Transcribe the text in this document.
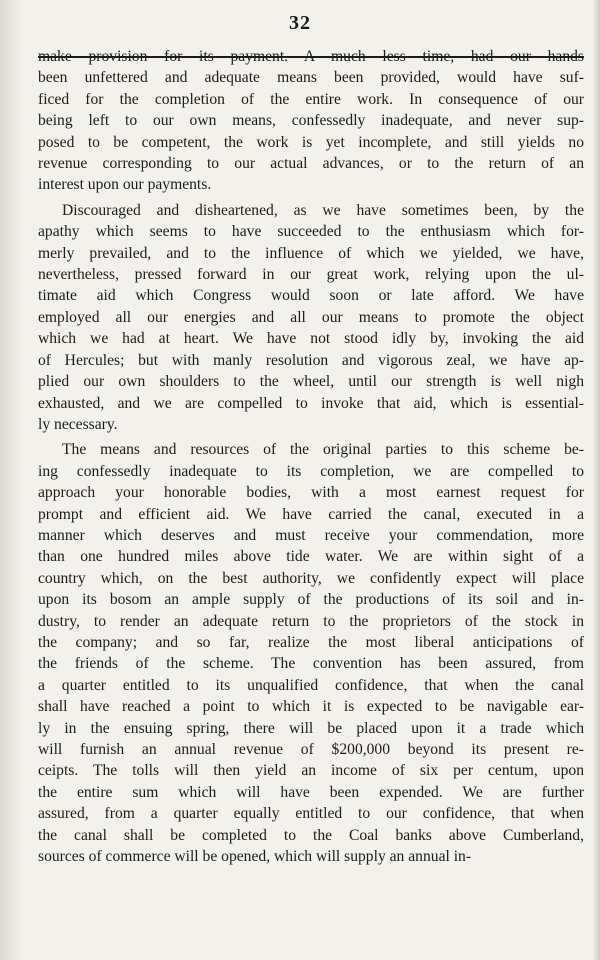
32
make provision for its payment. A much less time, had our hands
been unfettered and adequate means been provided, would have suf-
ficed for the completion of the entire work. In consequence of our
being left to our own means, confessedly inadequate, and never sup-
posed to be competent, the work is yet incomplete, and still yields no
revenue corresponding to our actual advances, or to the return of an
interest upon our payments.
Discouraged and disheartened, as we have sometimes been, by the
apathy which seems to have succeeded to the enthusiasm which for-
merly prevailed, and to the influence of which we yielded, we have,
nevertheless, pressed forward in our great work, relying upon the ul-
timate aid which Congress would soon or late afford. We have
employed all our energies and all our means to promote the object
which we had at heart. We have not stood idly by, invoking the aid
of Hercules; but with manly resolution and vigorous zeal, we have ap-
plied our own shoulders to the wheel, until our strength is well nigh
exhausted, and we are compelled to invoke that aid, which is essential-
ly necessary.
The means and resources of the original parties to this scheme be-
ing confessedly inadequate to its completion, we are compelled to
approach your honorable bodies, with a most earnest request for
prompt and efficient aid. We have carried the canal, executed in a
manner which deserves and must receive your commendation, more
than one hundred miles above tide water. We are within sight of a
country which, on the best authority, we confidently expect will place
upon its bosom an ample supply of the productions of its soil and in-
dustry, to render an adequate return to the proprietors of the stock in
the company; and so far, realize the most liberal anticipations of
the friends of the scheme. The convention has been assured, from
a quarter entitled to its unqualified confidence, that when the canal
shall have reached a point to which it is expected to be navigable ear-
ly in the ensuing spring, there will be placed upon it a trade which
will furnish an annual revenue of $200,000 beyond its present re-
ceipts. The tolls will then yield an income of six per centum, upon
the entire sum which will have been expended. We are further
assured, from a quarter equally entitled to our confidence, that when
the canal shall be completed to the Coal banks above Cumberland,
sources of commerce will be opened, which will supply an annual in-
